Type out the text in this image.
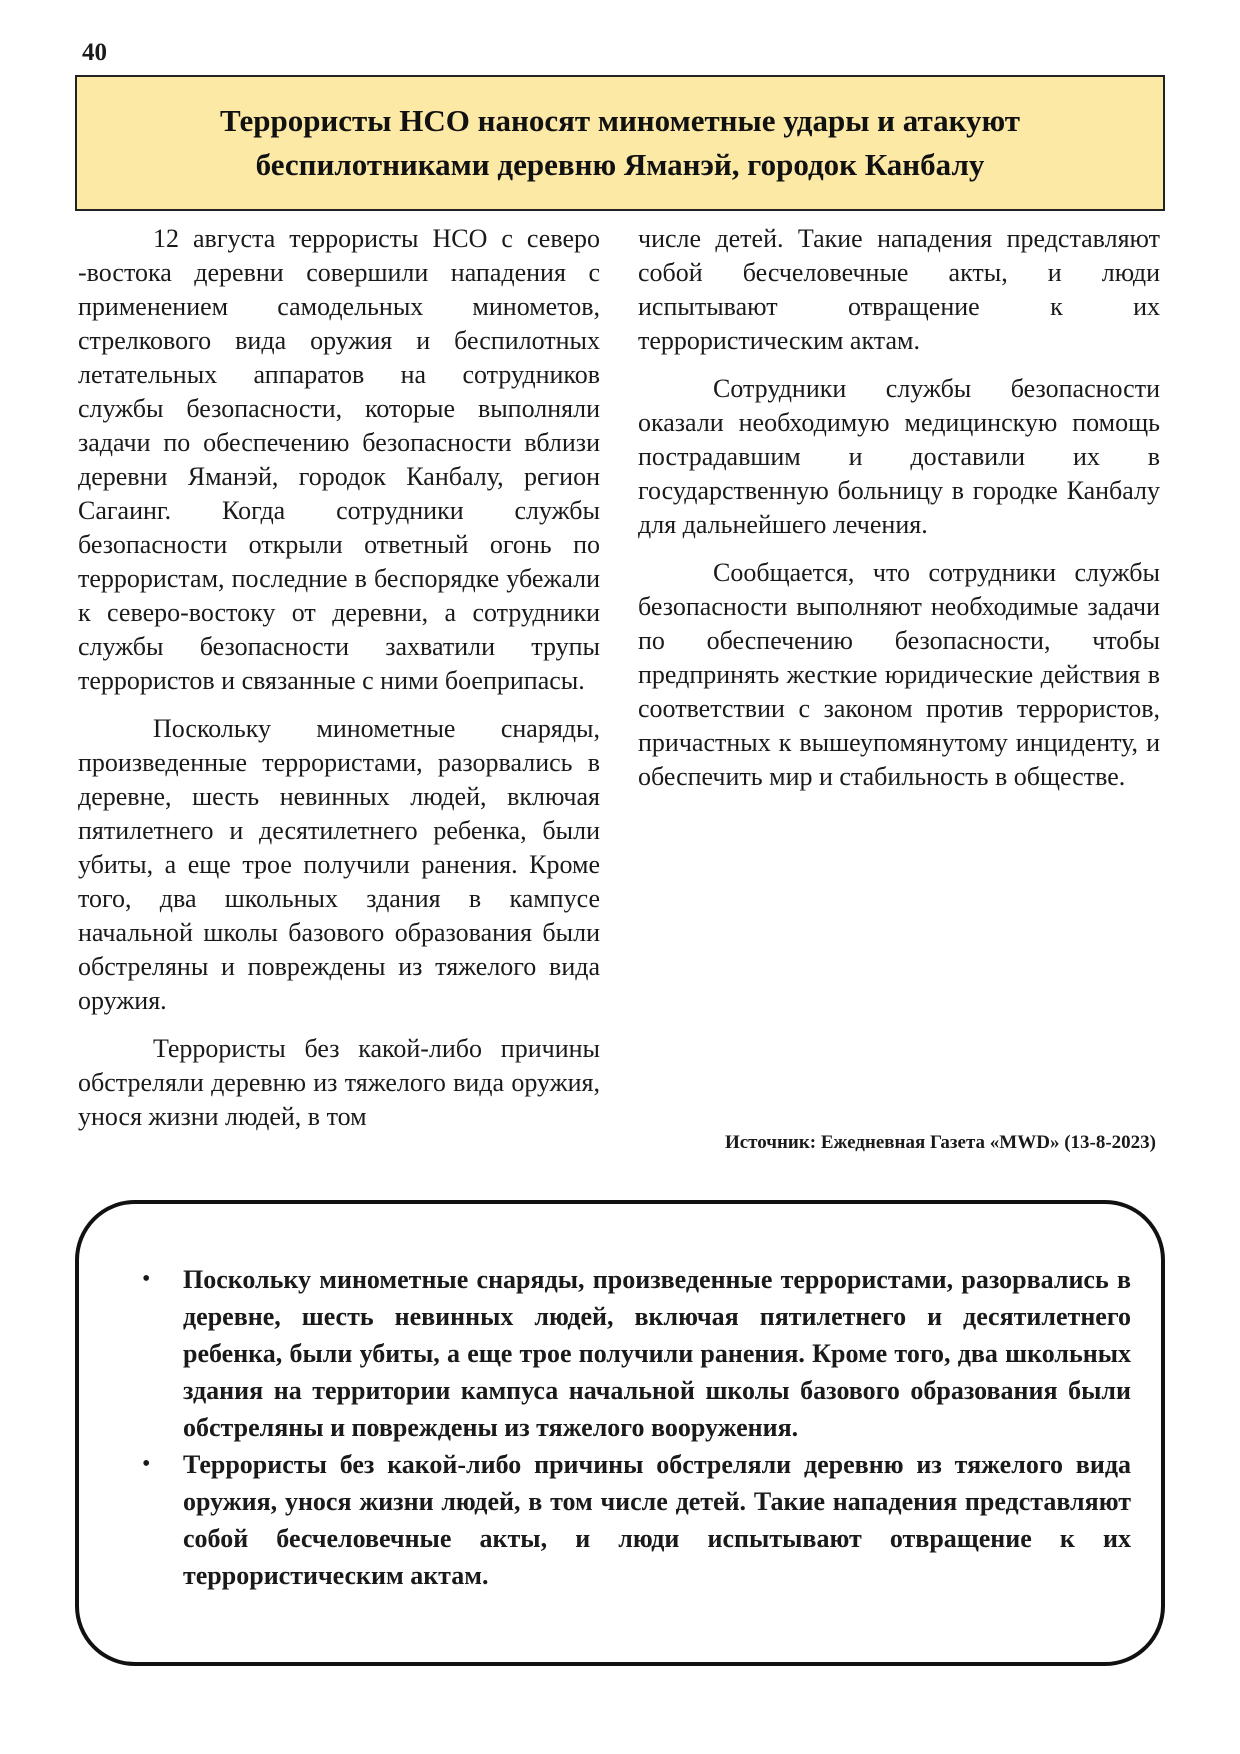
40
Террористы НСО наносят минометные удары и атакуют беспилотниками деревню Яманэй, городок Канбалу

12 августа террористы НСО с северо -востока деревни совершили нападения с применением самодельных минометов, стрелкового вида оружия и беспилотных летательных аппаратов на сотрудников службы безопасности, которые выполняли задачи по обеспечению безопасности вблизи деревни Яманэй, городок Канбалу, регион Сагаинг. Когда сотрудники службы безопасности открыли ответный огонь по террористам, последние в беспорядке убежали к северо-востоку от деревни, а сотрудники службы безопасности захватили трупы террористов и связанные с ними боеприпасы.

Поскольку минометные снаряды, произведенные террористами, разорвались в деревне, шесть невинных людей, включая пятилетнего и десятилетнего ребенка, были убиты, а еще трое получили ранения. Кроме того, два школьных здания в кампусе начальной школы базового образования были обстреляны и повреждены из тяжелого вида оружия.

Террористы без какой-либо причины обстреляли деревню из тяжелого вида оружия, унося жизни людей, в том

числе детей. Такие нападения представляют собой бесчеловечные акты, и люди испытывают отвращение к их террористическим актам.

Сотрудники службы безопасности оказали необходимую медицинскую помощь пострадавшим и доставили их в государственную больницу в городке Канбалу для дальнейшего лечения.

Сообщается, что сотрудники службы безопасности выполняют необходимые задачи по обеспечению безопасности, чтобы предпринять жесткие юридические действия в соответствии с законом против террористов, причастных к вышеупомянутому инциденту, и обеспечить мир и стабильность в обществе.

Источник: Ежедневная Газета «MWD» (13-8-2023)
•	Поскольку минометные снаряды, произведенные террористами, разорвались в деревне, шесть невинных людей, включая пятилетнего и десятилетнего ребенка, были убиты, а еще трое получили ранения. Кроме того, два школьных здания на территории кампуса начальной школы базового образования были обстреляны и повреждены из тяжелого вооружения.
•	Террористы без какой-либо причины обстреляли деревню из тяжелого вида оружия, унося жизни людей, в том числе детей. Такие нападения представляют собой бесчеловечные акты, и люди испытывают отвращение к их террористическим актам.
